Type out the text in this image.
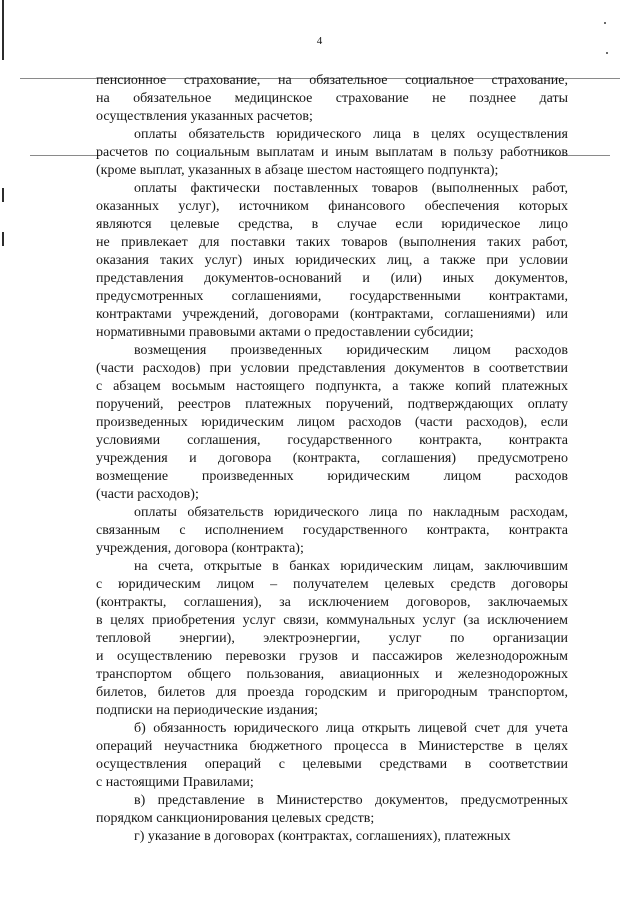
4
пенсионное страхование, на обязательное социальное страхование,
на обязательное медицинское страхование не позднее даты
осуществления указанных расчетов;
оплаты обязательств юридического лица в целях осуществления
расчетов по социальным выплатам и иным выплатам в пользу работников
(кроме выплат, указанных в абзаце шестом настоящего подпункта);
оплаты фактически поставленных товаров (выполненных работ,
оказанных услуг), источником финансового обеспечения которых
являются целевые средства, в случае если юридическое лицо
не привлекает для поставки таких товаров (выполнения таких работ,
оказания таких услуг) иных юридических лиц, а также при условии
представления документов-оснований и (или) иных документов,
предусмотренных соглашениями, государственными контрактами,
контрактами учреждений, договорами (контрактами, соглашениями) или
нормативными правовыми актами о предоставлении субсидии;
возмещения произведенных юридическим лицом расходов
(части расходов) при условии представления документов в соответствии
с абзацем восьмым настоящего подпункта, а также копий платежных
поручений, реестров платежных поручений, подтверждающих оплату
произведенных юридическим лицом расходов (части расходов), если
условиями соглашения, государственного контракта, контракта
учреждения и договора (контракта, соглашения) предусмотрено
возмещение произведенных юридическим лицом расходов
(части расходов);
оплаты обязательств юридического лица по накладным расходам,
связанным с исполнением государственного контракта, контракта
учреждения, договора (контракта);
на счета, открытые в банках юридическим лицам, заключившим
с юридическим лицом – получателем целевых средств договоры
(контракты, соглашения), за исключением договоров, заключаемых
в целях приобретения услуг связи, коммунальных услуг (за исключением
тепловой энергии), электроэнергии, услуг по организации
и осуществлению перевозки грузов и пассажиров железнодорожным
транспортом общего пользования, авиационных и железнодорожных
билетов, билетов для проезда городским и пригородным транспортом,
подписки на периодические издания;
б) обязанность юридического лица открыть лицевой счет для учета
операций неучастника бюджетного процесса в Министерстве в целях
осуществления операций с целевыми средствами в соответствии
с настоящими Правилами;
в) представление в Министерство документов, предусмотренных
порядком санкционирования целевых средств;
г) указание в договорах (контрактах, соглашениях), платежных
